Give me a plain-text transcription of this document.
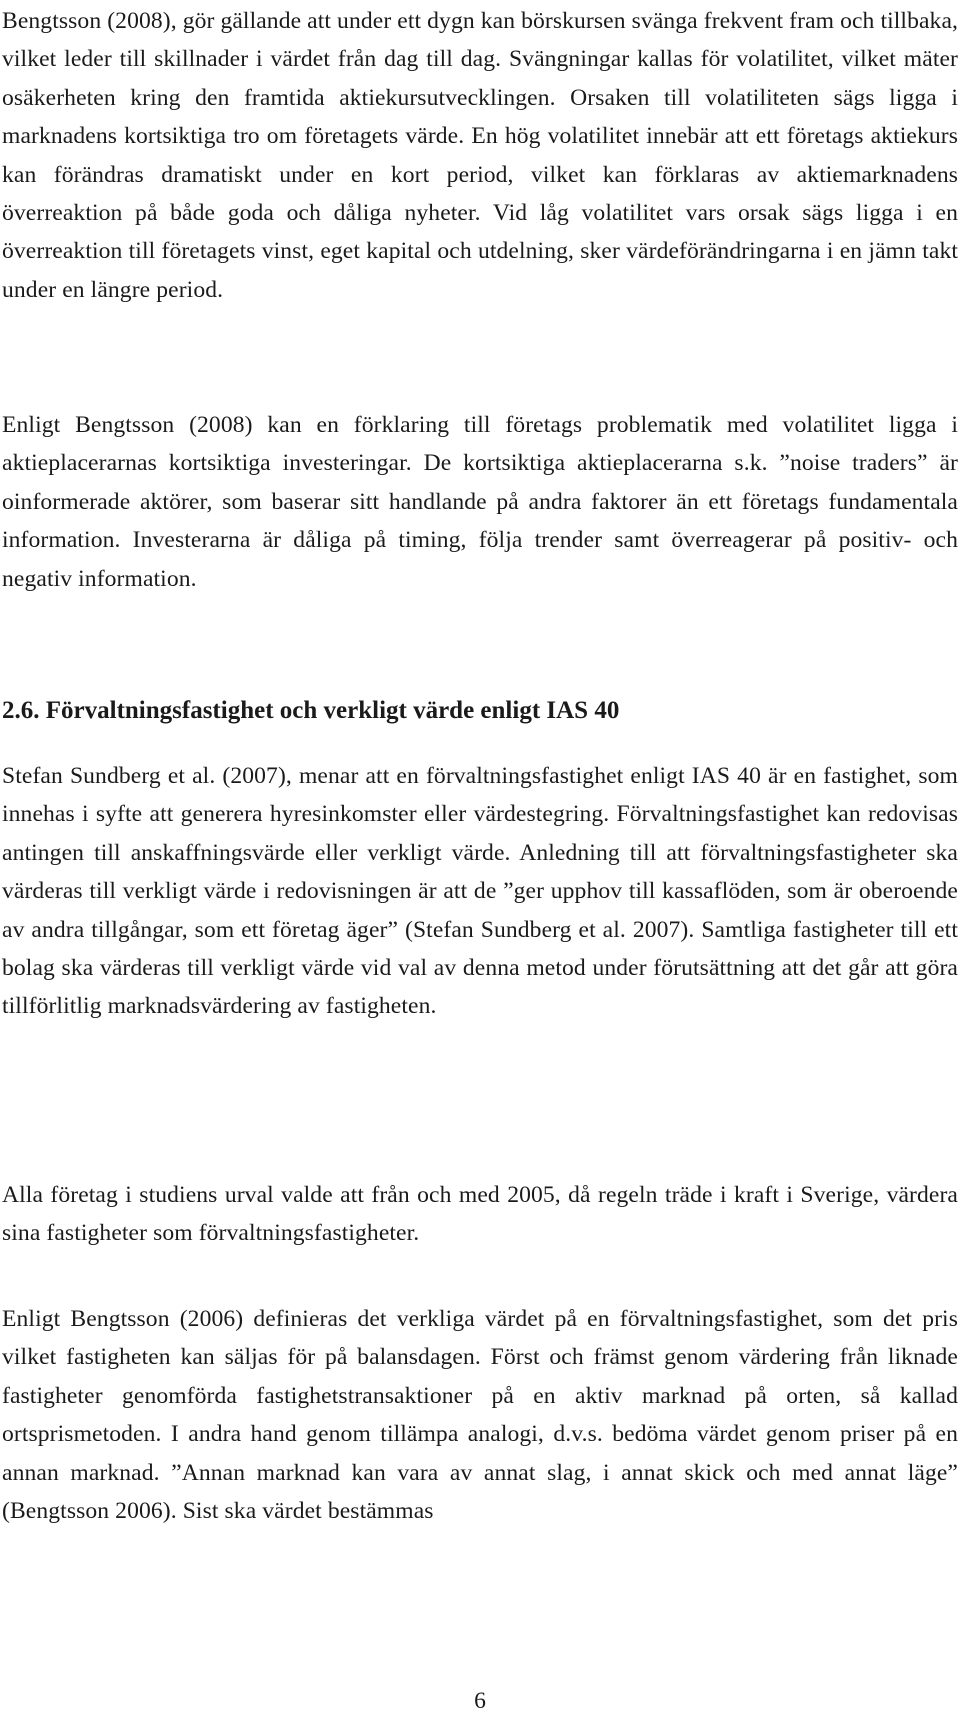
Bengtsson (2008), gör gällande att under ett dygn kan börskursen svänga frekvent fram och tillbaka, vilket leder till skillnader i värdet från dag till dag. Svängningar kallas för volatilitet, vilket mäter osäkerheten kring den framtida aktiekursutvecklingen. Orsaken till volatiliteten sägs ligga i marknadens kortsiktiga tro om företagets värde. En hög volatilitet innebär att ett företags aktiekurs kan förändras dramatiskt under en kort period, vilket kan förklaras av aktiemarknadens överreaktion på både goda och dåliga nyheter. Vid låg volatilitet vars orsak sägs ligga i en överreaktion till företagets vinst, eget kapital och utdelning, sker värdeförändringarna i en jämn takt under en längre period.

Enligt Bengtsson (2008) kan en förklaring till företags problematik med volatilitet ligga i aktieplacerarnas kortsiktiga investeringar. De kortsiktiga aktieplacerarna s.k. ”noise traders” är oinformerade aktörer, som baserar sitt handlande på andra faktorer än ett företags fundamentala information. Investerarna är dåliga på timing, följa trender samt överreagerar på positiv- och negativ information.

2.6. Förvaltningsfastighet och verkligt värde enligt IAS 40

Stefan Sundberg et al. (2007), menar att en förvaltningsfastighet enligt IAS 40 är en fastighet, som innehas i syfte att generera hyresinkomster eller värdestegring. Förvaltningsfastighet kan redovisas antingen till anskaffningsvärde eller verkligt värde. Anledning till att förvaltningsfastigheter ska värderas till verkligt värde i redovisningen är att de ”ger upphov till kassaflöden, som är oberoende av andra tillgångar, som ett företag äger” (Stefan Sundberg et al. 2007). Samtliga fastigheter till ett bolag ska värderas till verkligt värde vid val av denna metod under förutsättning att det går att göra tillförlitlig marknadsvärdering av fastigheten.

Alla företag i studiens urval valde att från och med 2005, då regeln träde i kraft i Sverige, värdera sina fastigheter som förvaltningsfastigheter.

Enligt Bengtsson (2006) definieras det verkliga värdet på en förvaltningsfastighet, som det pris vilket fastigheten kan säljas för på balansdagen. Först och främst genom värdering från liknade fastigheter genomförda fastighetstransaktioner på en aktiv marknad på orten, så kallad ortsprismetoden. I andra hand genom tillämpa analogi, d.v.s. bedöma värdet genom priser på en annan marknad. ”Annan marknad kan vara av annat slag, i annat skick och med annat läge” (Bengtsson 2006). Sist ska värdet bestämmas

6
